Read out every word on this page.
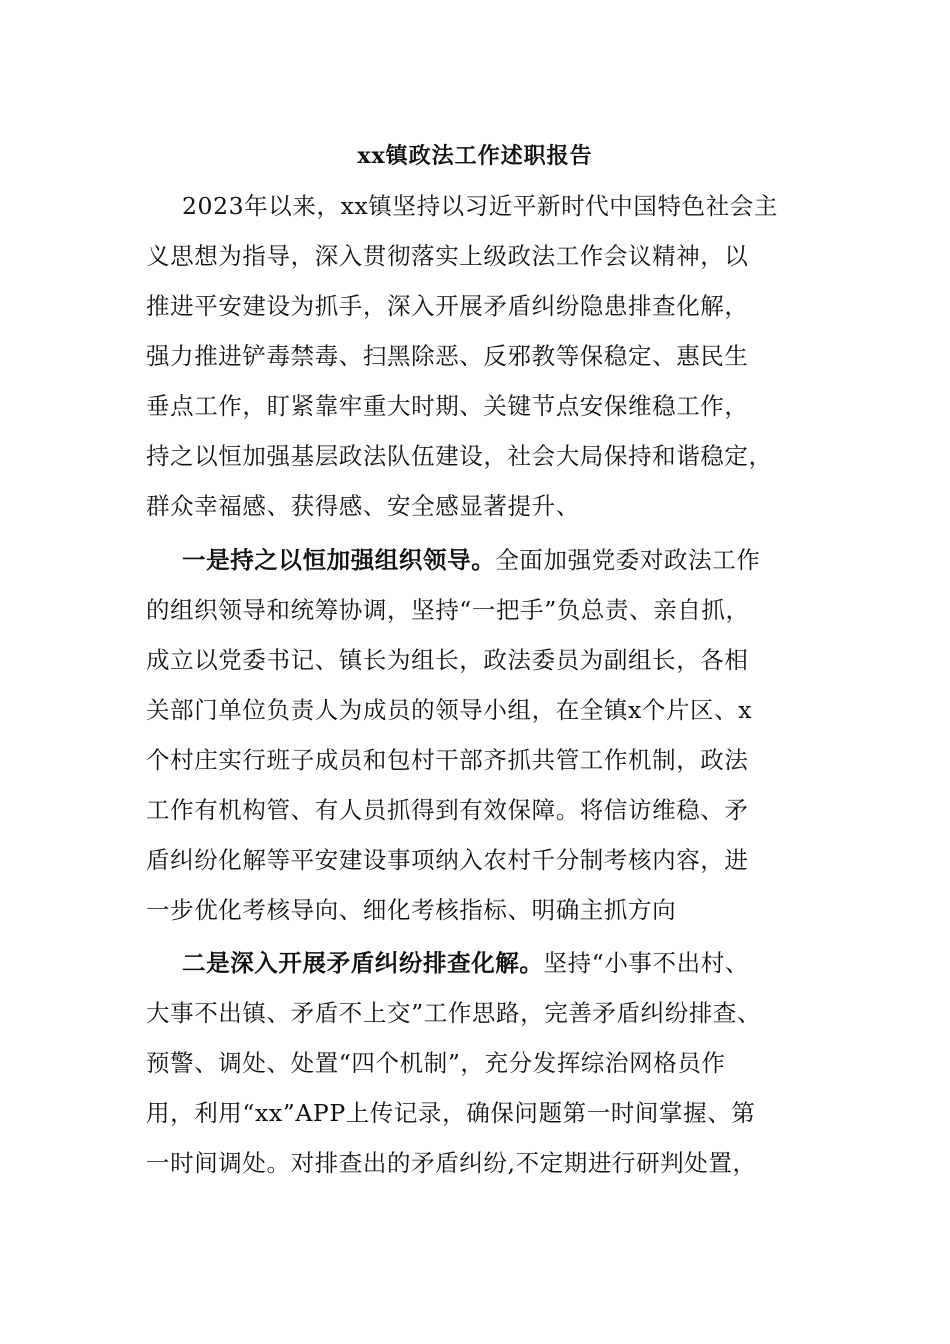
xx镇政法工作述职报告
2023年以来，xx镇坚持以习近平新时代中国特色社会主
义思想为指导，深入贯彻落实上级政法工作会议精神，以
推进平安建设为抓手，深入开展矛盾纠纷隐患排查化解，
强力推进铲毒禁毒、扫黑除恶、反邪教等保稳定、惠民生
垂点工作，盯紧靠牢重大时期、关键节点安保维稳工作，
持之以恒加强基层政法队伍建设，社会大局保持和谐稳定，
群众幸福感、获得感、安全感显著提升、
一是持之以恒加强组织领导。全面加强党委对政法工作
的组织领导和统筹协调，坚持“一把手”负总责、亲自抓，
成立以党委书记、镇长为组长，政法委员为副组长，各相
关部门单位负责人为成员的领导小组，在全镇x个片区、x
个村庄实行班子成员和包村干部齐抓共管工作机制，政法
工作有机构管、有人员抓得到有效保障。将信访维稳、矛
盾纠纷化解等平安建设事项纳入农村千分制考核内容，进
一步优化考核导向、细化考核指标、明确主抓方向
二是深入开展矛盾纠纷排查化解。坚持“小事不出村、
大事不出镇、矛盾不上交”工作思路，完善矛盾纠纷排查、
预警、调处、处置“四个机制”，充分发挥综治网格员作
用，利用“xx”APP上传记录，确保问题第一时间掌握、第
一时间调处。对排查出的矛盾纠纷,不定期进行研判处置，
